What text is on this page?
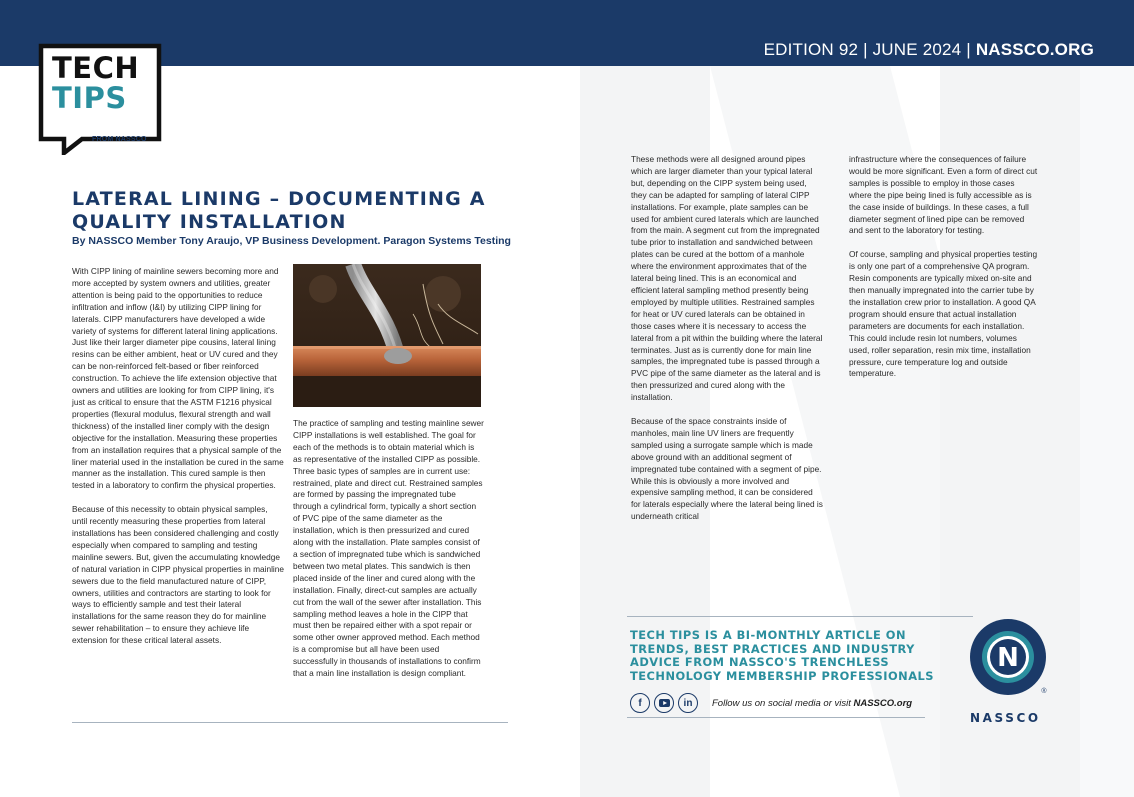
EDITION 92 | JUNE 2024 | NASSCO.ORG
TECH
TIPS
FROM NASSCO
LATERAL LINING – DOCUMENTING A QUALITY INSTALLATION
By NASSCO Member Tony Araujo, VP Business Development. Paragon Systems Testing

With CIPP lining of mainline sewers becoming more and more accepted by system owners and utilities, greater attention is being paid to the opportunities to reduce infiltration and inflow (I&I) by utilizing CIPP lining for laterals. CIPP manufacturers have developed a wide variety of systems for different lateral lining applications. Just like their larger diameter pipe cousins, lateral lining resins can be either ambient, heat or UV cured and they can be non-reinforced felt-based or fiber reinforced construction. To achieve the life extension objective that owners and utilities are looking for from CIPP lining, it's just as critical to ensure that the ASTM F1216 physical properties (flexural modulus, flexural strength and wall thickness) of the installed liner comply with the design objective for the installation. Measuring these properties from an installation requires that a physical sample of the liner material used in the installation be cured in the same manner as the installation. This cured sample is then tested in a laboratory to confirm the physical properties.

Because of this necessity to obtain physical samples, until recently measuring these properties from lateral installations has been considered challenging and costly especially when compared to sampling and testing mainline sewers. But, given the accumulating knowledge of natural variation in CIPP physical properties in mainline sewers due to the field manufactured nature of CIPP, owners, utilities and contractors are starting to look for ways to efficiently sample and test their lateral installations for the same reason they do for mainline sewer rehabilitation – to ensure they achieve life extension for these critical lateral assets.

The practice of sampling and testing mainline sewer CIPP installations is well established. The goal for each of the methods is to obtain material which is as representative of the installed CIPP as possible. Three basic types of samples are in current use: restrained, plate and direct cut. Restrained samples are formed by passing the impregnated tube through a cylindrical form, typically a short section of PVC pipe of the same diameter as the installation, which is then pressurized and cured along with the installation. Plate samples consist of a section of impregnated tube which is sandwiched between two metal plates. This sandwich is then placed inside of the liner and cured along with the installation. Finally, direct-cut samples are actually cut from the wall of the sewer after installation. This sampling method leaves a hole in the CIPP that must then be repaired either with a spot repair or some other owner approved method. Each method is a compromise but all have been used successfully in thousands of installations to confirm that a main line installation is design compliant.

These methods were all designed around pipes which are larger diameter than your typical lateral but, depending on the CIPP system being used, they can be adapted for sampling of lateral CIPP installations. For example, plate samples can be used for ambient cured laterals which are launched from the main. A segment cut from the impregnated tube prior to installation and sandwiched between plates can be cured at the bottom of a manhole where the environment approximates that of the lateral being lined. This is an economical and efficient lateral sampling method presently being employed by multiple utilities. Restrained samples for heat or UV cured laterals can be obtained in those cases where it is necessary to access the lateral from a pit within the building where the lateral terminates. Just as is currently done for main line samples, the impregnated tube is passed through a PVC pipe of the same diameter as the lateral and is then pressurized and cured along with the installation.

Because of the space constraints inside of manholes, main line UV liners are frequently sampled using a surrogate sample which is made above ground with an additional segment of impregnated tube contained with a segment of pipe. While this is obviously a more involved and expensive sampling method, it can be considered for laterals especially where the lateral being lined is underneath critical

infrastructure where the consequences of failure would be more significant. Even a form of direct cut samples is possible to employ in those cases where the pipe being lined is fully accessible as is the case inside of buildings. In these cases, a full diameter segment of lined pipe can be removed and sent to the laboratory for testing.

Of course, sampling and physical properties testing is only one part of a comprehensive QA program. Resin components are typically mixed on-site and then manually impregnated into the carrier tube by the installation crew prior to installation. A good QA program should ensure that actual installation parameters are documents for each installation. This could include resin lot numbers, volumes used, roller separation, resin mix time, installation pressure, cure temperature log and outside temperature.

TECH TIPS IS A BI-MONTHLY ARTICLE ON TRENDS, BEST PRACTICES AND INDUSTRY ADVICE FROM NASSCO'S TRENCHLESS TECHNOLOGY MEMBERSHIP PROFESSIONALS
f	in	Follow us on social media or visit NASSCO.org
N
®
NASSCO
